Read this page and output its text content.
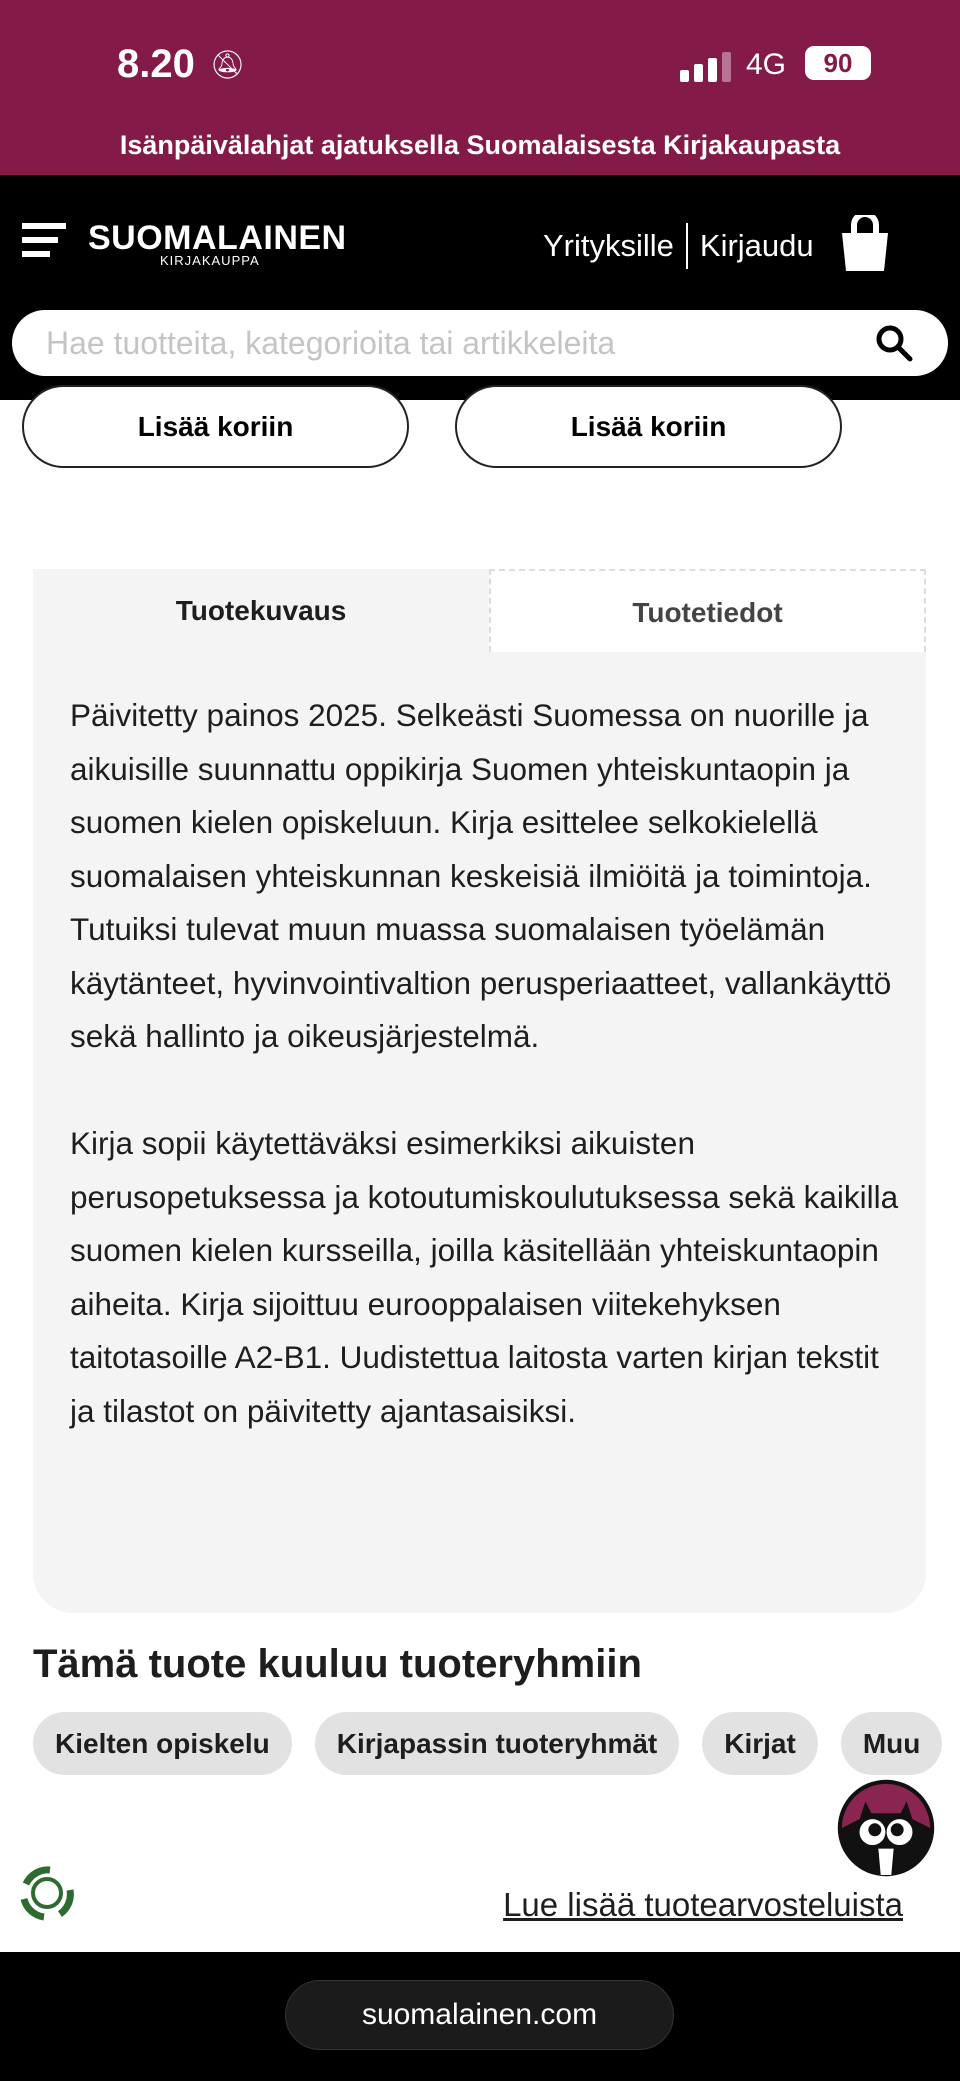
8.20 🔕︎	4G	90
Isänpäivälahjat ajatuksella Suomalaisesta Kirjakaupasta
SUOMALAINEN
KIRJAKAUPPA	Yrityksille Kirjaudu
Hae tuotteita, kategorioita tai artikkeleita
Lisää koriin	Lisää koriin
Tuotekuvaus	Tuotetiedot

Päivitetty painos 2025. Selkeästi Suomessa on nuorille ja aikuisille suunnattu oppikirja Suomen yhteiskuntaopin ja suomen kielen opiskeluun. Kirja esittelee selkokielellä suomalaisen yhteiskunnan keskeisiä ilmiöitä ja toimintoja. Tutuiksi tulevat muun muassa suomalaisen työelämän käytänteet, hyvinvointivaltion perusperiaatteet, vallankäyttö sekä hallinto ja oikeusjärjestelmä.

Kirja sopii käytettäväksi esimerkiksi aikuisten perusopetuksessa ja kotoutumiskoulutuksessa sekä kaikilla suomen kielen kursseilla, joilla käsitellään yhteiskuntaopin aiheita. Kirja sijoittuu eurooppalaisen viitekehyksen taitotasoille A2-B1. Uudistettua laitosta varten kirjan tekstit ja tilastot on päivitetty ajantasaisiksi.

Tämä tuote kuuluu tuoteryhmiin
Kielten opiskelu	Kirjapassin tuoteryhmät	Kirjat	Muu
Lue lisää tuotearvosteluista
suomalainen.com
